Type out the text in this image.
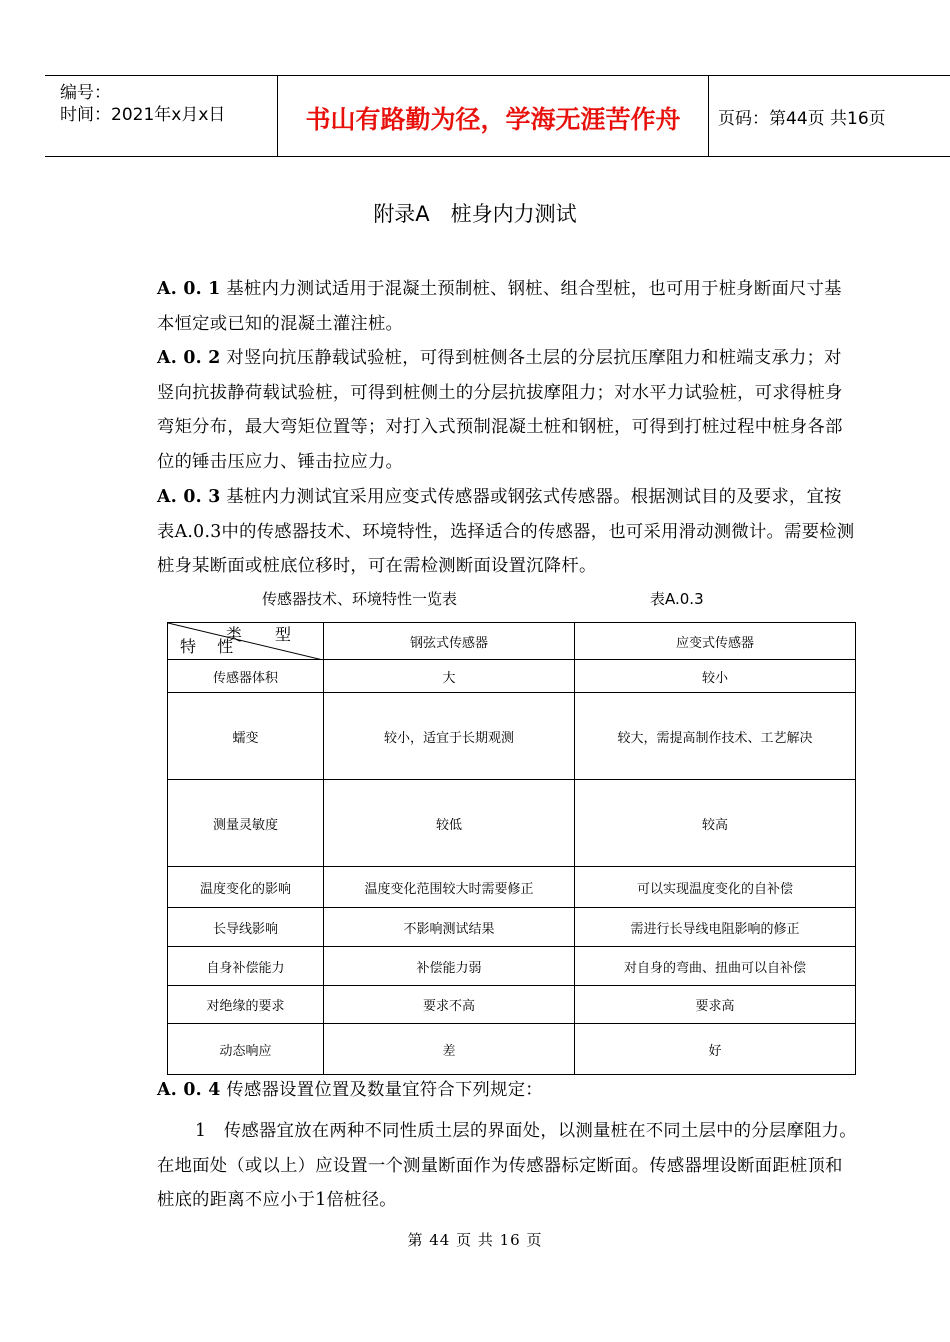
编号：
时间：2021年x月x日	书山有路勤为径，学海无涯苦作舟	页码：第44页 共16页
附录A　桩身内力测试
A. 0. 1 基桩内力测试适用于混凝土预制桩、钢桩、组合型桩，也可用于桩身断面尺寸基本恒定或已知的混凝土灌注桩。
A. 0. 2 对竖向抗压静载试验桩，可得到桩侧各土层的分层抗压摩阻力和桩端支承力；对竖向抗拔静荷载试验桩，可得到桩侧土的分层抗拔摩阻力；对水平力试验桩，可求得桩身弯矩分布，最大弯矩位置等；对打入式预制混凝土桩和钢桩，可得到打桩过程中桩身各部位的锤击压应力、锤击拉应力。
A. 0. 3 基桩内力测试宜采用应变式传感器或钢弦式传感器。根据测试目的及要求，宜按表A.0.3中的传感器技术、环境特性，选择适合的传感器，也可采用滑动测微计。需要检测桩身某断面或桩底位移时，可在需检测断面设置沉降杆。
传感器技术、环境特性一览表	表A.0.3
类 型
特 性	钢弦式传感器	应变式传感器
传感器体积	大	较小
蠕变	较小，适宜于长期观测	较大，需提高制作技术、工艺解决
测量灵敏度	较低	较高
温度变化的影响	温度变化范围较大时需要修正	可以实现温度变化的自补偿
长导线影响	不影响测试结果	需进行长导线电阻影响的修正
自身补偿能力	补偿能力弱	对自身的弯曲、扭曲可以自补偿
对绝缘的要求	要求不高	要求高
动态响应	差	好
A. 0. 4 传感器设置位置及数量宜符合下列规定：
1　传感器宜放在两种不同性质土层的界面处，以测量桩在不同土层中的分层摩阻力。在地面处（或以上）应设置一个测量断面作为传感器标定断面。传感器埋设断面距桩顶和桩底的距离不应小于1倍桩径。
第 44 页 共 16 页
